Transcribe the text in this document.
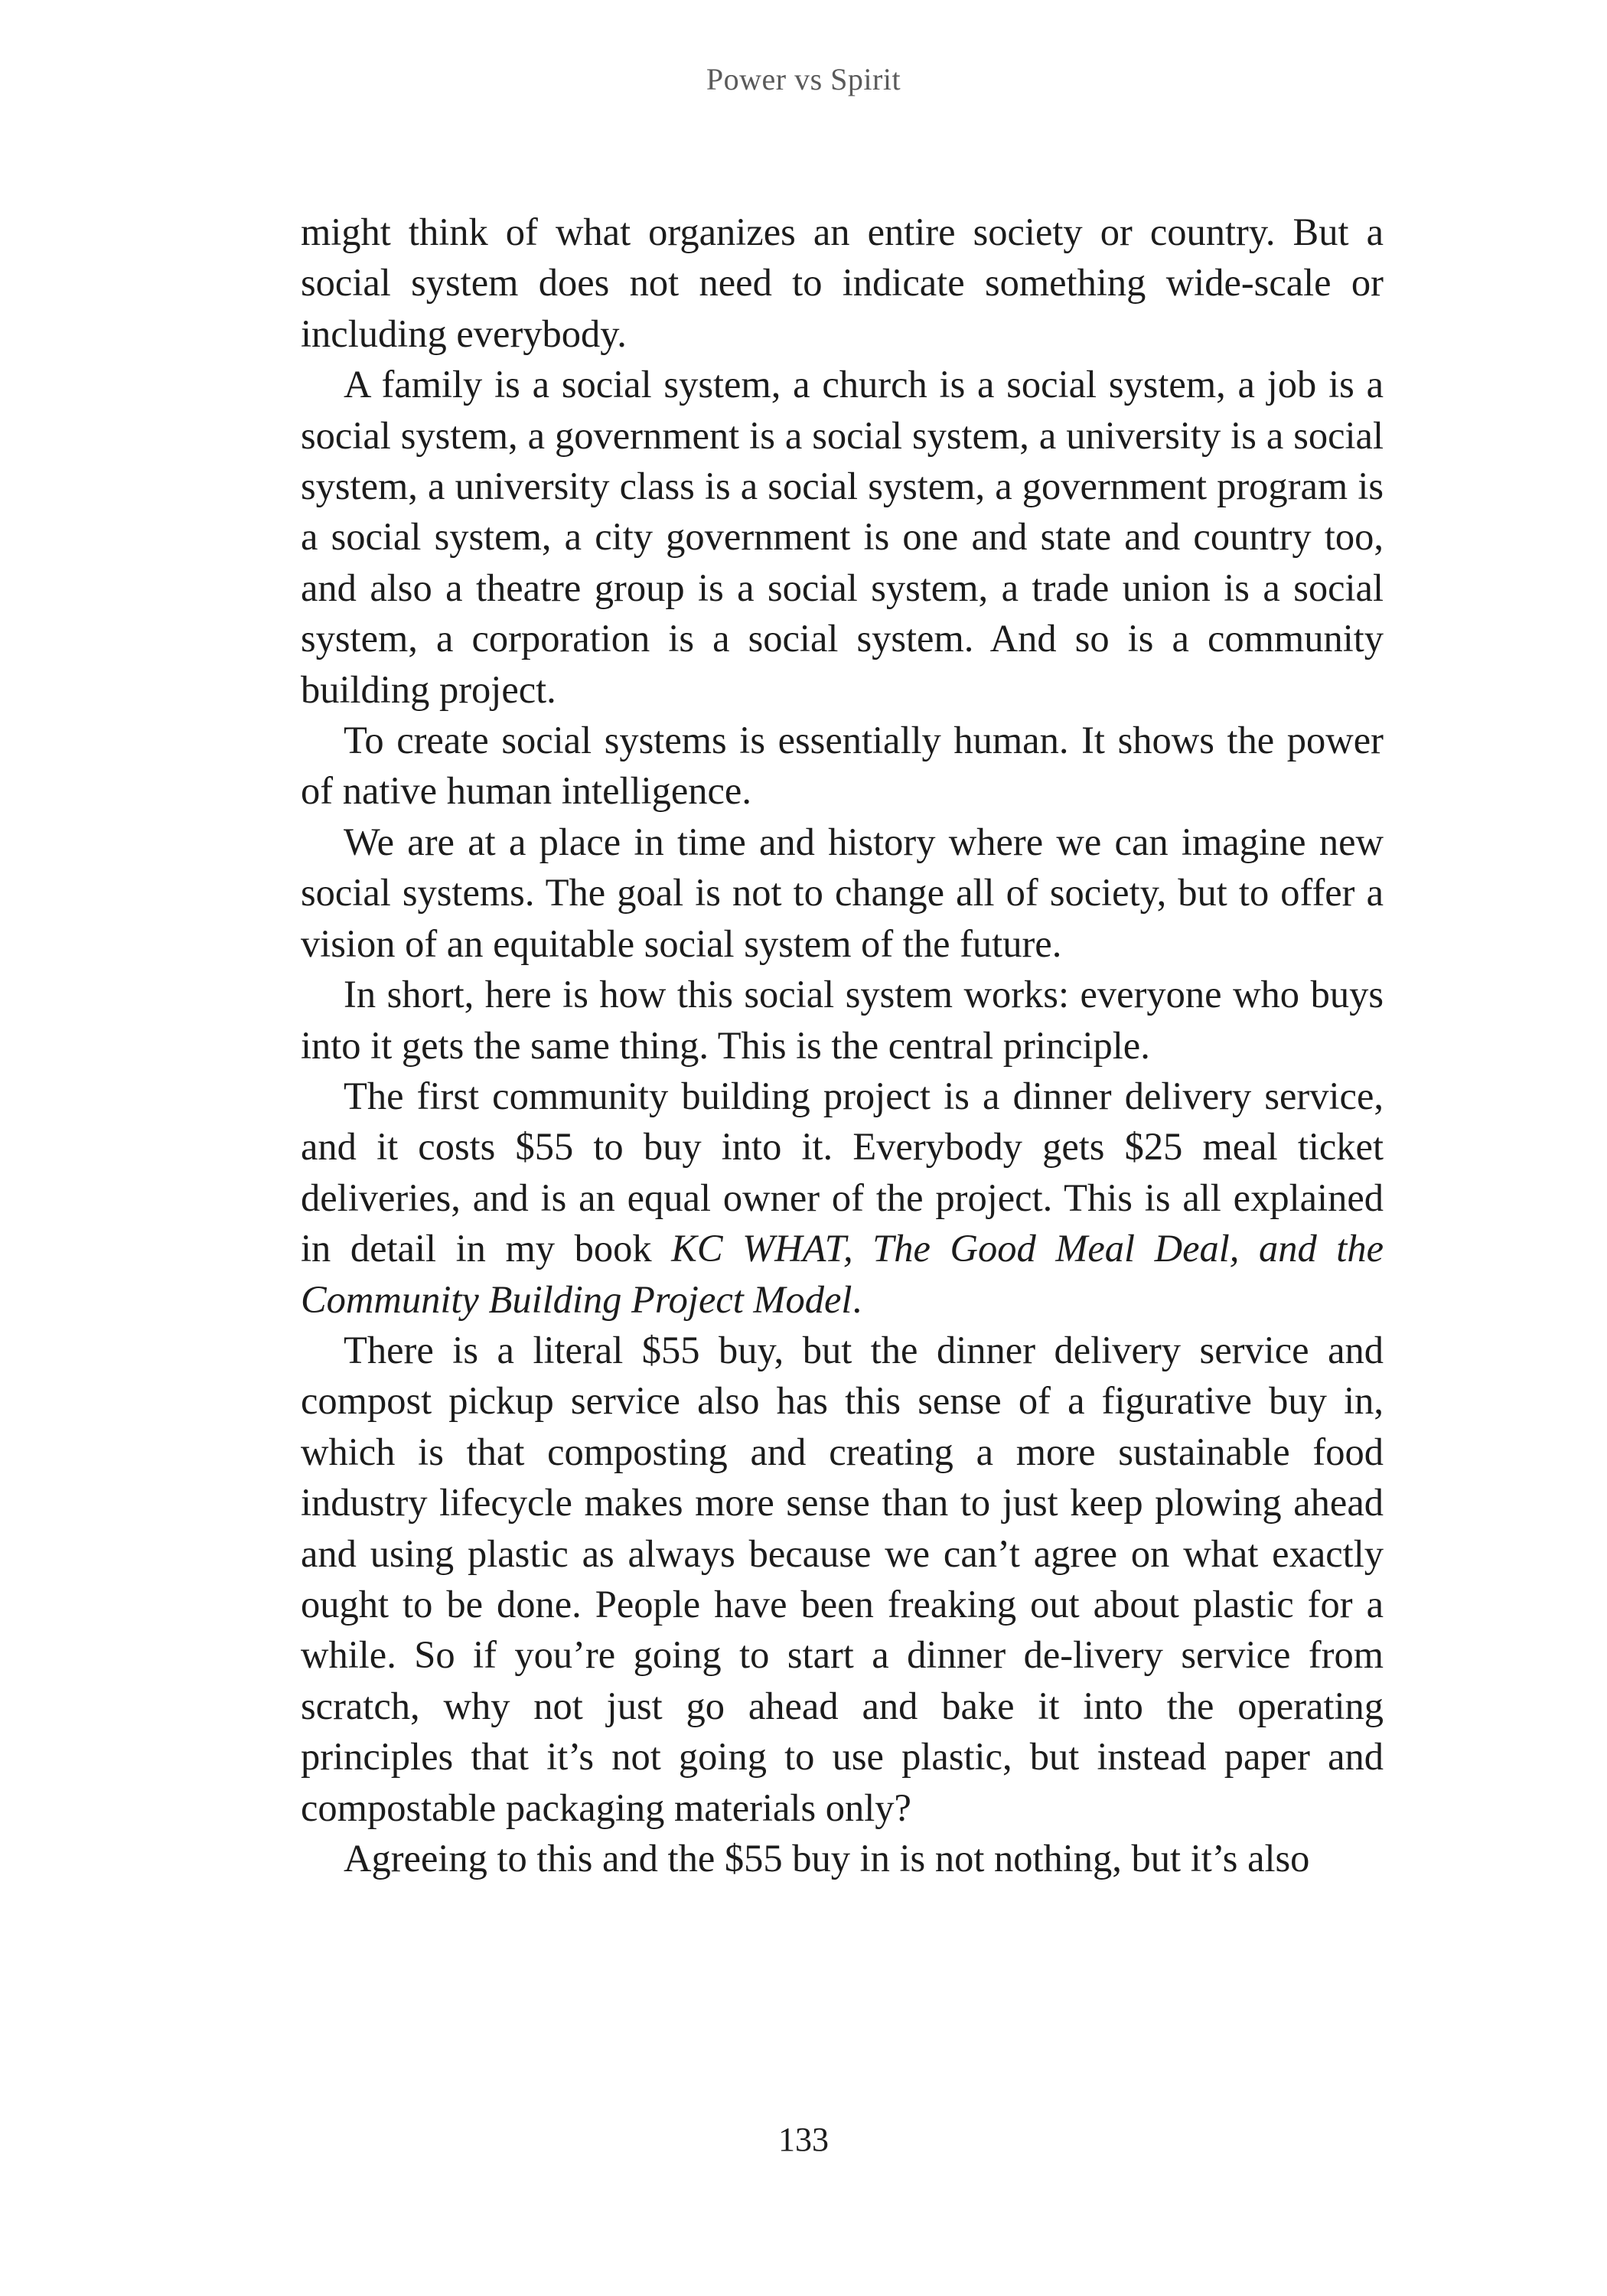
Power vs Spirit

might think of what organizes an entire society or country. But a social system does not need to indicate something wide-scale or including everybody.

A family is a social system, a church is a social system, a job is a social system, a government is a social system, a university is a social system, a university class is a social system, a government program is a social system, a city government is one and state and country too, and also a theatre group is a social system, a trade union is a social system, a corporation is a social system. And so is a community building project.

To create social systems is essentially human. It shows the power of native human intelligence.

We are at a place in time and history where we can imagine new social systems. The goal is not to change all of society, but to offer a vision of an equitable social system of the future.

In short, here is how this social system works: everyone who buys into it gets the same thing. This is the central principle.

The first community building project is a dinner delivery service, and it costs $55 to buy into it. Everybody gets $25 meal ticket deliveries, and is an equal owner of the project. This is all explained in detail in my book KC WHAT, The Good Meal Deal, and the Community Building Project Model.

There is a literal $55 buy, but the dinner delivery service and compost pickup service also has this sense of a figurative buy in, which is that composting and creating a more sustainable food industry lifecycle makes more sense than to just keep plowing ahead and using plastic as always because we can’t agree on what exactly ought to be done. People have been freaking out about plastic for a while. So if you’re going to start a dinner de-livery service from scratch, why not just go ahead and bake it into the operating principles that it’s not going to use plastic, but instead paper and compostable packaging materials only?

Agreeing to this and the $55 buy in is not nothing, but it’s also

133
